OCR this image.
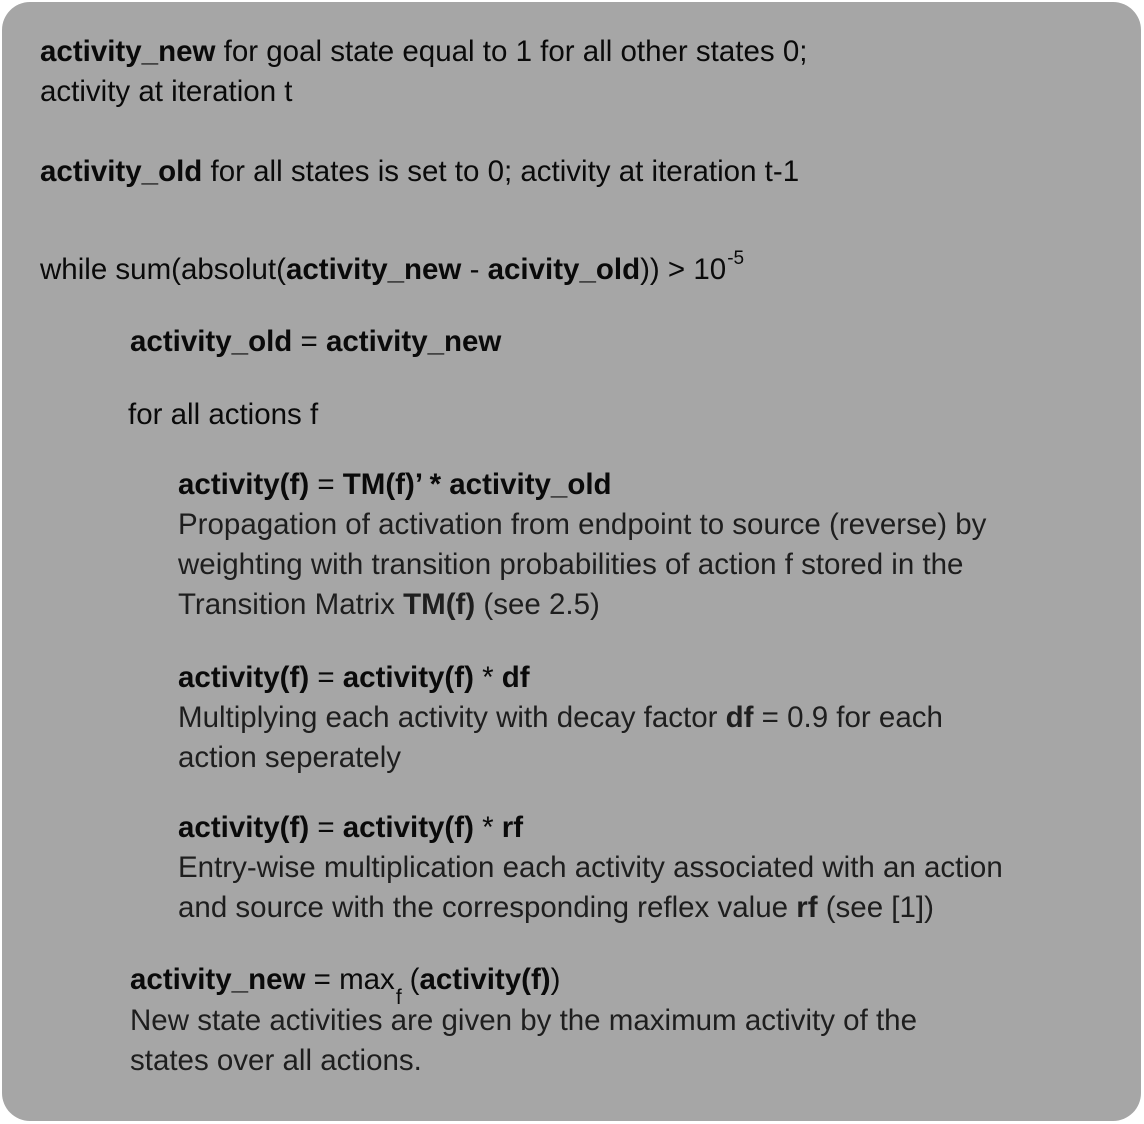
activity_new for goal state equal to 1 for all other states 0;
activity at iteration t
activity_old for all states is set to 0; activity at iteration t-1
while sum(absolut(activity_new - acivity_old)) > $10^{-5}$
activity_old = activity_new
for all actions f
activity(f) = TM(f)’ * activity_old
Propagation of activation from endpoint to source (reverse) by
weighting with transition probabilities of action f stored in the
Transition Matrix TM(f) (see 2.5)
activity(f) = activity(f) * df
Multiplying each activity with decay factor df = 0.9 for each
action seperately
activity(f) = activity(f) * rf
Entry-wise multiplication each activity associated with an action
and source with the corresponding reflex value rf (see [1])
activity_new = $\max_f(activity(f))$
New state activities are given by the maximum activity of the
states over all actions.
